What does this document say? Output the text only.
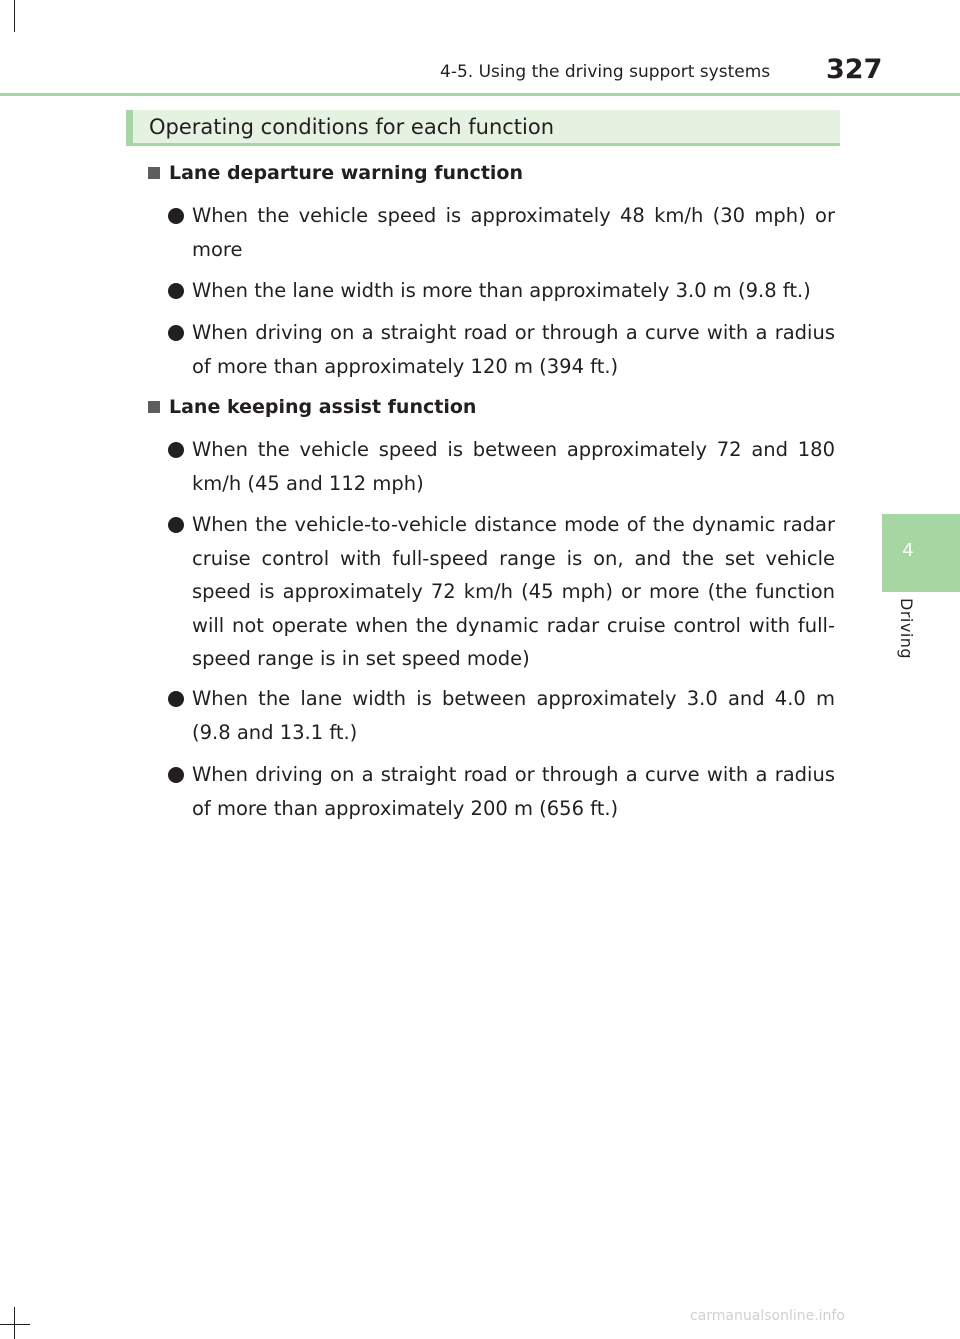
4-5. Using the driving support systems 327
4
Driving
Operating conditions for each function
Lane departure warning function
When the vehicle speed is approximately 48 km/h (30 mph) or more
When the lane width is more than approximately 3.0 m (9.8 ft.)
When driving on a straight road or through a curve with a radius of more than approximately 120 m (394 ft.)
Lane keeping assist function
When the vehicle speed is between approximately 72 and 180 km/h (45 and 112 mph)
When the vehicle-to-vehicle distance mode of the dynamic radar cruise control with full-speed range is on, and the set vehicle speed is approximately 72 km/h (45 mph) or more (the function will not operate when the dynamic radar cruise control with full-speed range is in set speed mode)
When the lane width is between approximately 3.0 and 4.0 m (9.8 and 13.1 ft.)
When driving on a straight road or through a curve with a radius of more than approximately 200 m (656 ft.)
carmanualsonline.info
